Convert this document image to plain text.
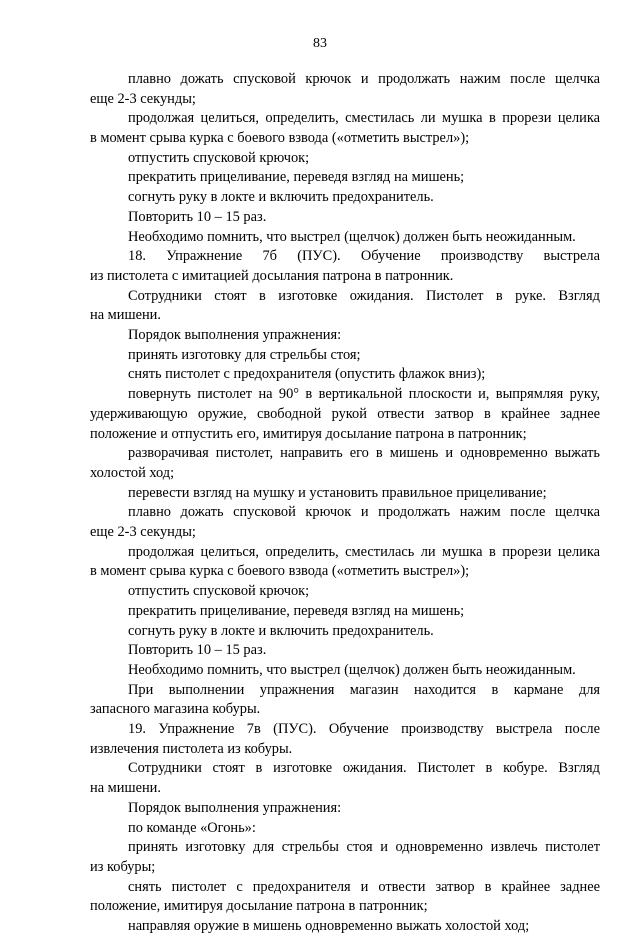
83
плавно дожать спусковой крючок и продолжать нажим после щелчка
еще 2-3 секунды;
продолжая целиться, определить, сместилась ли мушка в прорези целика
в момент срыва курка с боевого взвода («отметить выстрел»);
отпустить спусковой крючок;
прекратить прицеливание, переведя взгляд на мишень;
согнуть руку в локте и включить предохранитель.
Повторить 10 – 15 раз.
Необходимо помнить, что выстрел (щелчок) должен быть неожиданным.
18. Упражнение 7б (ПУС). Обучение производству выстрела
из пистолета с имитацией досылания патрона в патронник.
Сотрудники стоят в изготовке ожидания. Пистолет в руке. Взгляд
на мишени.
Порядок выполнения упражнения:
принять изготовку для стрельбы стоя;
снять пистолет с предохранителя (опустить флажок вниз);
повернуть пистолет на 90° в вертикальной плоскости и, выпрямляя руку,
удерживающую оружие, свободной рукой отвести затвор в крайнее заднее
положение и отпустить его, имитируя досылание патрона в патронник;
разворачивая пистолет, направить его в мишень и одновременно выжать
холостой ход;
перевести взгляд на мушку и установить правильное прицеливание;
плавно дожать спусковой крючок и продолжать нажим после щелчка
еще 2-3 секунды;
продолжая целиться, определить, сместилась ли мушка в прорези целика
в момент срыва курка с боевого взвода («отметить выстрел»);
отпустить спусковой крючок;
прекратить прицеливание, переведя взгляд на мишень;
согнуть руку в локте и включить предохранитель.
Повторить 10 – 15 раз.
Необходимо помнить, что выстрел (щелчок) должен быть неожиданным.
При выполнении упражнения магазин находится в кармане для
запасного магазина кобуры.
19. Упражнение 7в (ПУС). Обучение производству выстрела после
извлечения пистолета из кобуры.
Сотрудники стоят в изготовке ожидания. Пистолет в кобуре. Взгляд
на мишени.
Порядок выполнения упражнения:
по команде «Огонь»:
принять изготовку для стрельбы стоя и одновременно извлечь пистолет
из кобуры;
снять пистолет с предохранителя и отвести затвор в крайнее заднее
положение, имитируя досылание патрона в патронник;
направляя оружие в мишень одновременно выжать холостой ход;
